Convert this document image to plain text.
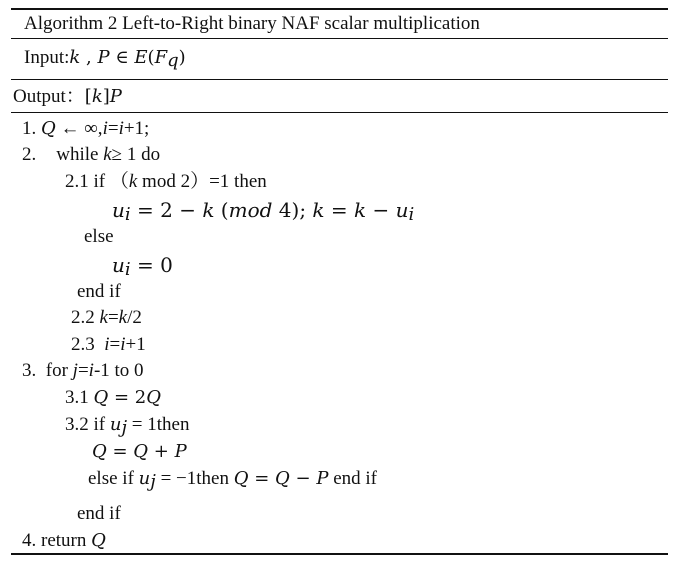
Algorithm 2 Left-to-Right binary NAF scalar multiplication
Input:k , P ∈ $E(F_q)$
Output：[k]P
1. Q ← ∞,i=i+1;
2. while k≥ 1 do
2.1 if （k mod 2）=1 then
$u_i = 2 - k$ (mod 4); $k = k - u_i$
else
$u_i = 0$
end if
2.2 k=k/2
2.3  i=i+1
3.  for j=i-1 to 0
3.1 Q = 2Q
3.2 if $u_j$ = 1then
Q = Q + P
else if $u_j$ = −1then Q = Q − P end if
end if
4. return Q
